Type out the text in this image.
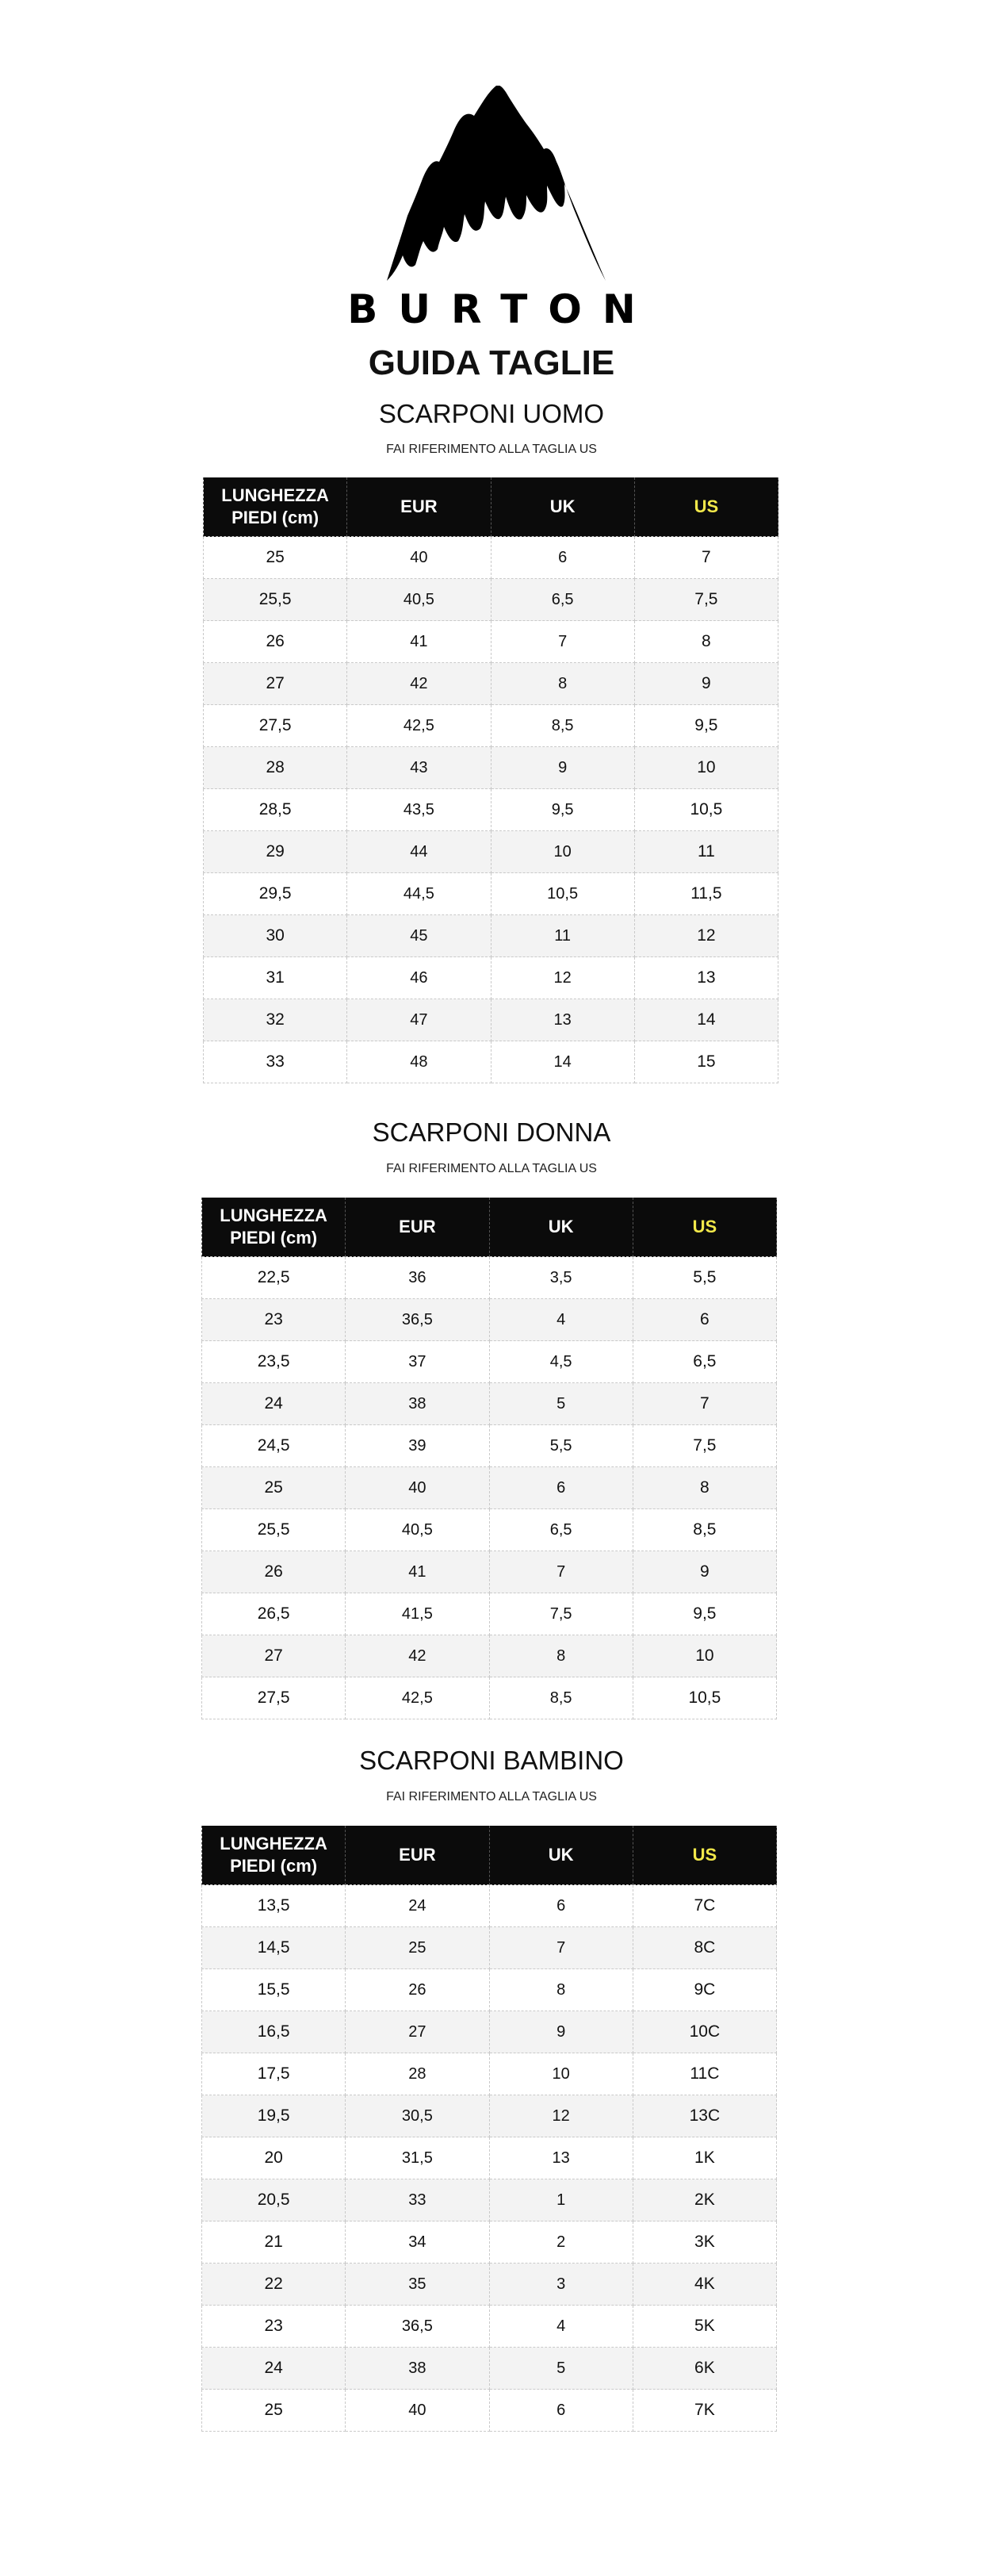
BURTON
GUIDA TAGLIE
SCARPONI UOMO
FAI RIFERIMENTO ALLA TAGLIA US
LUNGHEZZA PIEDI (cm)	EUR	UK	US
25	40	6	7
25,5	40,5	6,5	7,5
26	41	7	8
27	42	8	9
27,5	42,5	8,5	9,5
28	43	9	10
28,5	43,5	9,5	10,5
29	44	10	11
29,5	44,5	10,5	11,5
30	45	11	12
31	46	12	13
32	47	13	14
33	48	14	15
SCARPONI DONNA
FAI RIFERIMENTO ALLA TAGLIA US
LUNGHEZZA PIEDI (cm)	EUR	UK	US
22,5	36	3,5	5,5
23	36,5	4	6
23,5	37	4,5	6,5
24	38	5	7
24,5	39	5,5	7,5
25	40	6	8
25,5	40,5	6,5	8,5
26	41	7	9
26,5	41,5	7,5	9,5
27	42	8	10
27,5	42,5	8,5	10,5
SCARPONI BAMBINO
FAI RIFERIMENTO ALLA TAGLIA US
LUNGHEZZA PIEDI (cm)	EUR	UK	US
13,5	24	6	7C
14,5	25	7	8C
15,5	26	8	9C
16,5	27	9	10C
17,5	28	10	11C
19,5	30,5	12	13C
20	31,5	13	1K
20,5	33	1	2K
21	34	2	3K
22	35	3	4K
23	36,5	4	5K
24	38	5	6K
25	40	6	7K
